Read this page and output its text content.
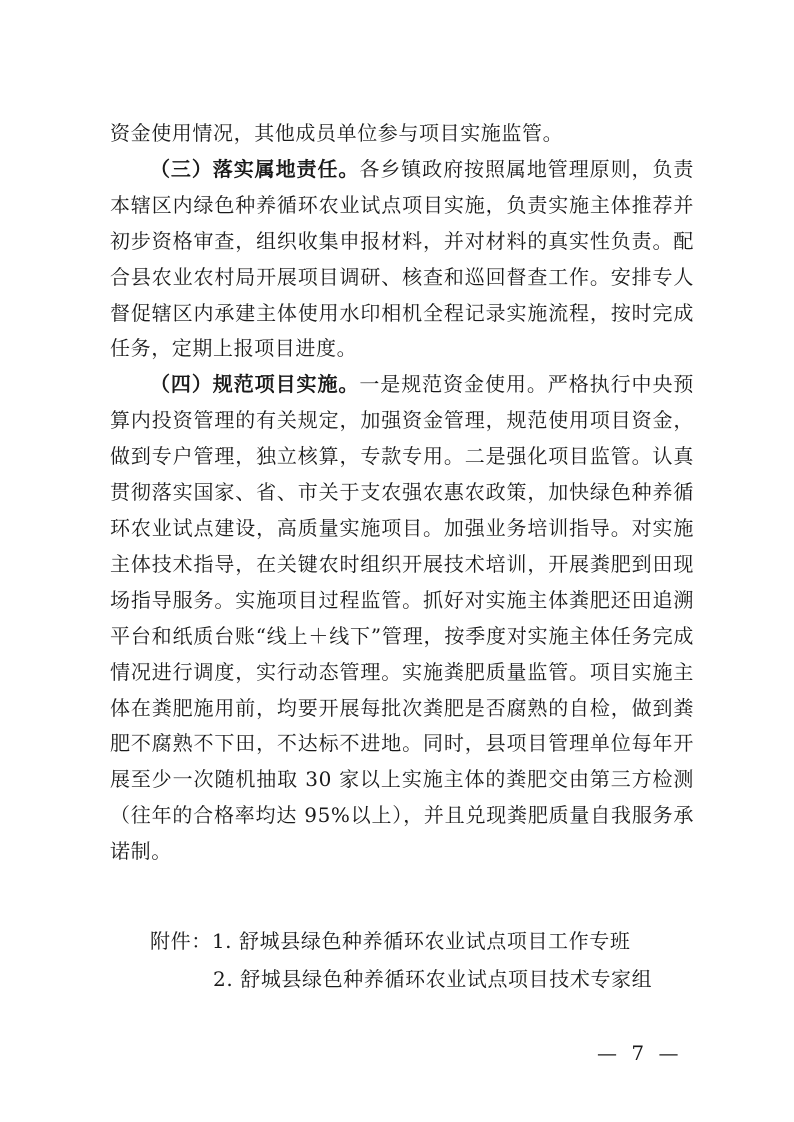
资金使用情况，其他成员单位参与项目实施监管。

（三）落实属地责任。各乡镇政府按照属地管理原则，负责本辖区内绿色种养循环农业试点项目实施，负责实施主体推荐并初步资格审查，组织收集申报材料，并对材料的真实性负责。配合县农业农村局开展项目调研、核查和巡回督查工作。安排专人督促辖区内承建主体使用水印相机全程记录实施流程，按时完成任务，定期上报项目进度。

（四）规范项目实施。一是规范资金使用。严格执行中央预算内投资管理的有关规定，加强资金管理，规范使用项目资金，做到专户管理，独立核算，专款专用。二是强化项目监管。认真贯彻落实国家、省、市关于支农强农惠农政策，加快绿色种养循环农业试点建设，高质量实施项目。加强业务培训指导。对实施主体技术指导，在关键农时组织开展技术培训，开展粪肥到田现场指导服务。实施项目过程监管。抓好对实施主体粪肥还田追溯平台和纸质台账“线上＋线下”管理，按季度对实施主体任务完成情况进行调度，实行动态管理。实施粪肥质量监管。项目实施主体在粪肥施用前，均要开展每批次粪肥是否腐熟的自检，做到粪肥不腐熟不下田，不达标不进地。同时，县项目管理单位每年开展至少一次随机抽取 30 家以上实施主体的粪肥交由第三方检测（往年的合格率均达 95%以上），并且兑现粪肥质量自我服务承诺制。

附件：1. 舒城县绿色种养循环农业试点项目工作专班
2. 舒城县绿色种养循环农业试点项目技术专家组
— 7 —
